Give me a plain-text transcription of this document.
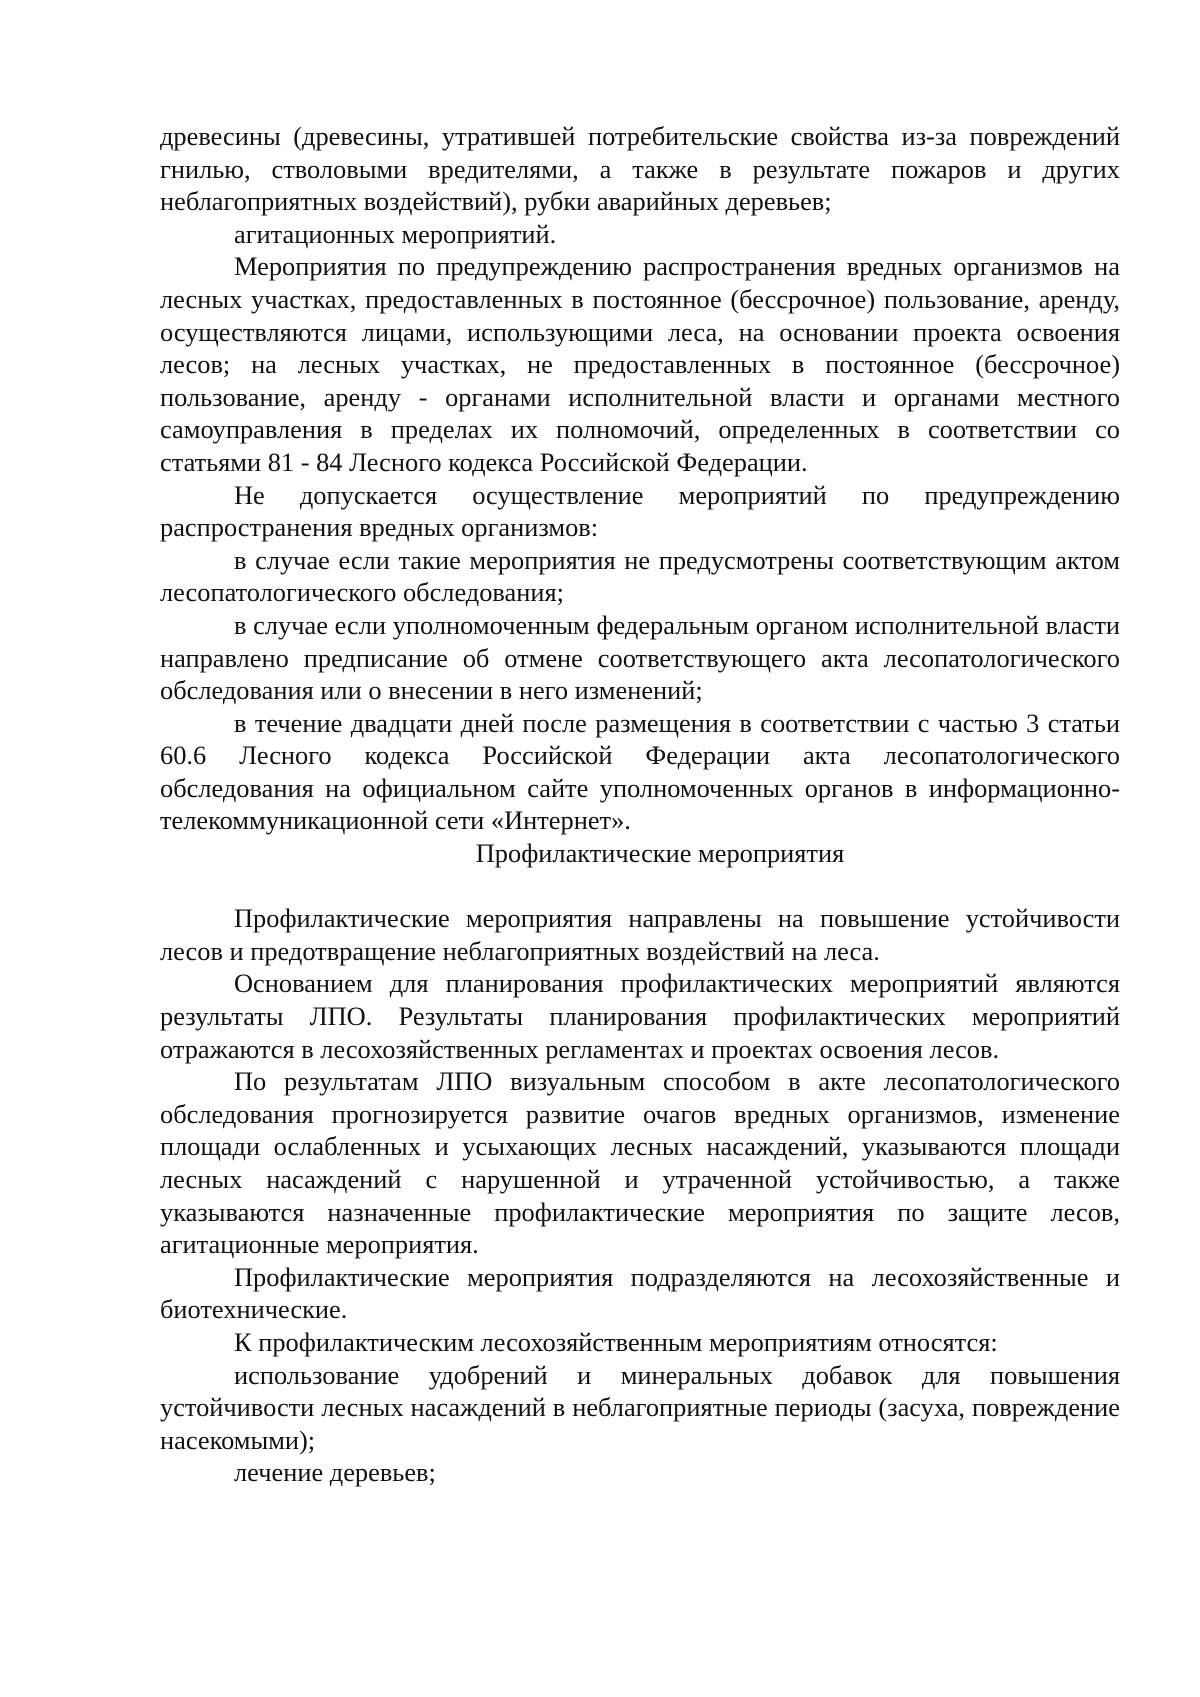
древесины (древесины, утратившей потребительские свойства из-за повреждений гнилью, стволовыми вредителями, а также в результате пожаров и других неблагоприятных воздействий), рубки аварийных деревьев;

агитационных мероприятий.

Мероприятия по предупреждению распространения вредных организмов на лесных участках, предоставленных в постоянное (бессрочное) пользование, аренду, осуществляются лицами, использующими леса, на основании проекта освоения лесов; на лесных участках, не предоставленных в постоянное (бессрочное) пользование, аренду - органами исполнительной власти и органами местного самоуправления в пределах их полномочий, определенных в соответствии со статьями 81 - 84 Лесного кодекса Российской Федерации.

Не допускается осуществление мероприятий по предупреждению распространения вредных организмов:

в случае если такие мероприятия не предусмотрены соответствующим актом лесопатологического обследования;

в случае если уполномоченным федеральным органом исполнительной власти направлено предписание об отмене соответствующего акта лесопатологического обследования или о внесении в него изменений;

в течение двадцати дней после размещения в соответствии с частью 3 статьи 60.6 Лесного кодекса Российской Федерации акта лесопатологического обследования на официальном сайте уполномоченных органов в информационно-телекоммуникационной сети «Интернет».

Профилактические мероприятия

Профилактические мероприятия направлены на повышение устойчивости лесов и предотвращение неблагоприятных воздействий на леса.

Основанием для планирования профилактических мероприятий являются результаты ЛПО. Результаты планирования профилактических мероприятий отражаются в лесохозяйственных регламентах и проектах освоения лесов.

По результатам ЛПО визуальным способом в акте лесопатологического обследования прогнозируется развитие очагов вредных организмов, изменение площади ослабленных и усыхающих лесных насаждений, указываются площади лесных насаждений с нарушенной и утраченной устойчивостью, а также указываются назначенные профилактические мероприятия по защите лесов, агитационные мероприятия.

Профилактические мероприятия подразделяются на лесохозяйственные и биотехнические.

К профилактическим лесохозяйственным мероприятиям относятся:

использование удобрений и минеральных добавок для повышения устойчивости лесных насаждений в неблагоприятные периоды (засуха, повреждение насекомыми);

лечение деревьев;
